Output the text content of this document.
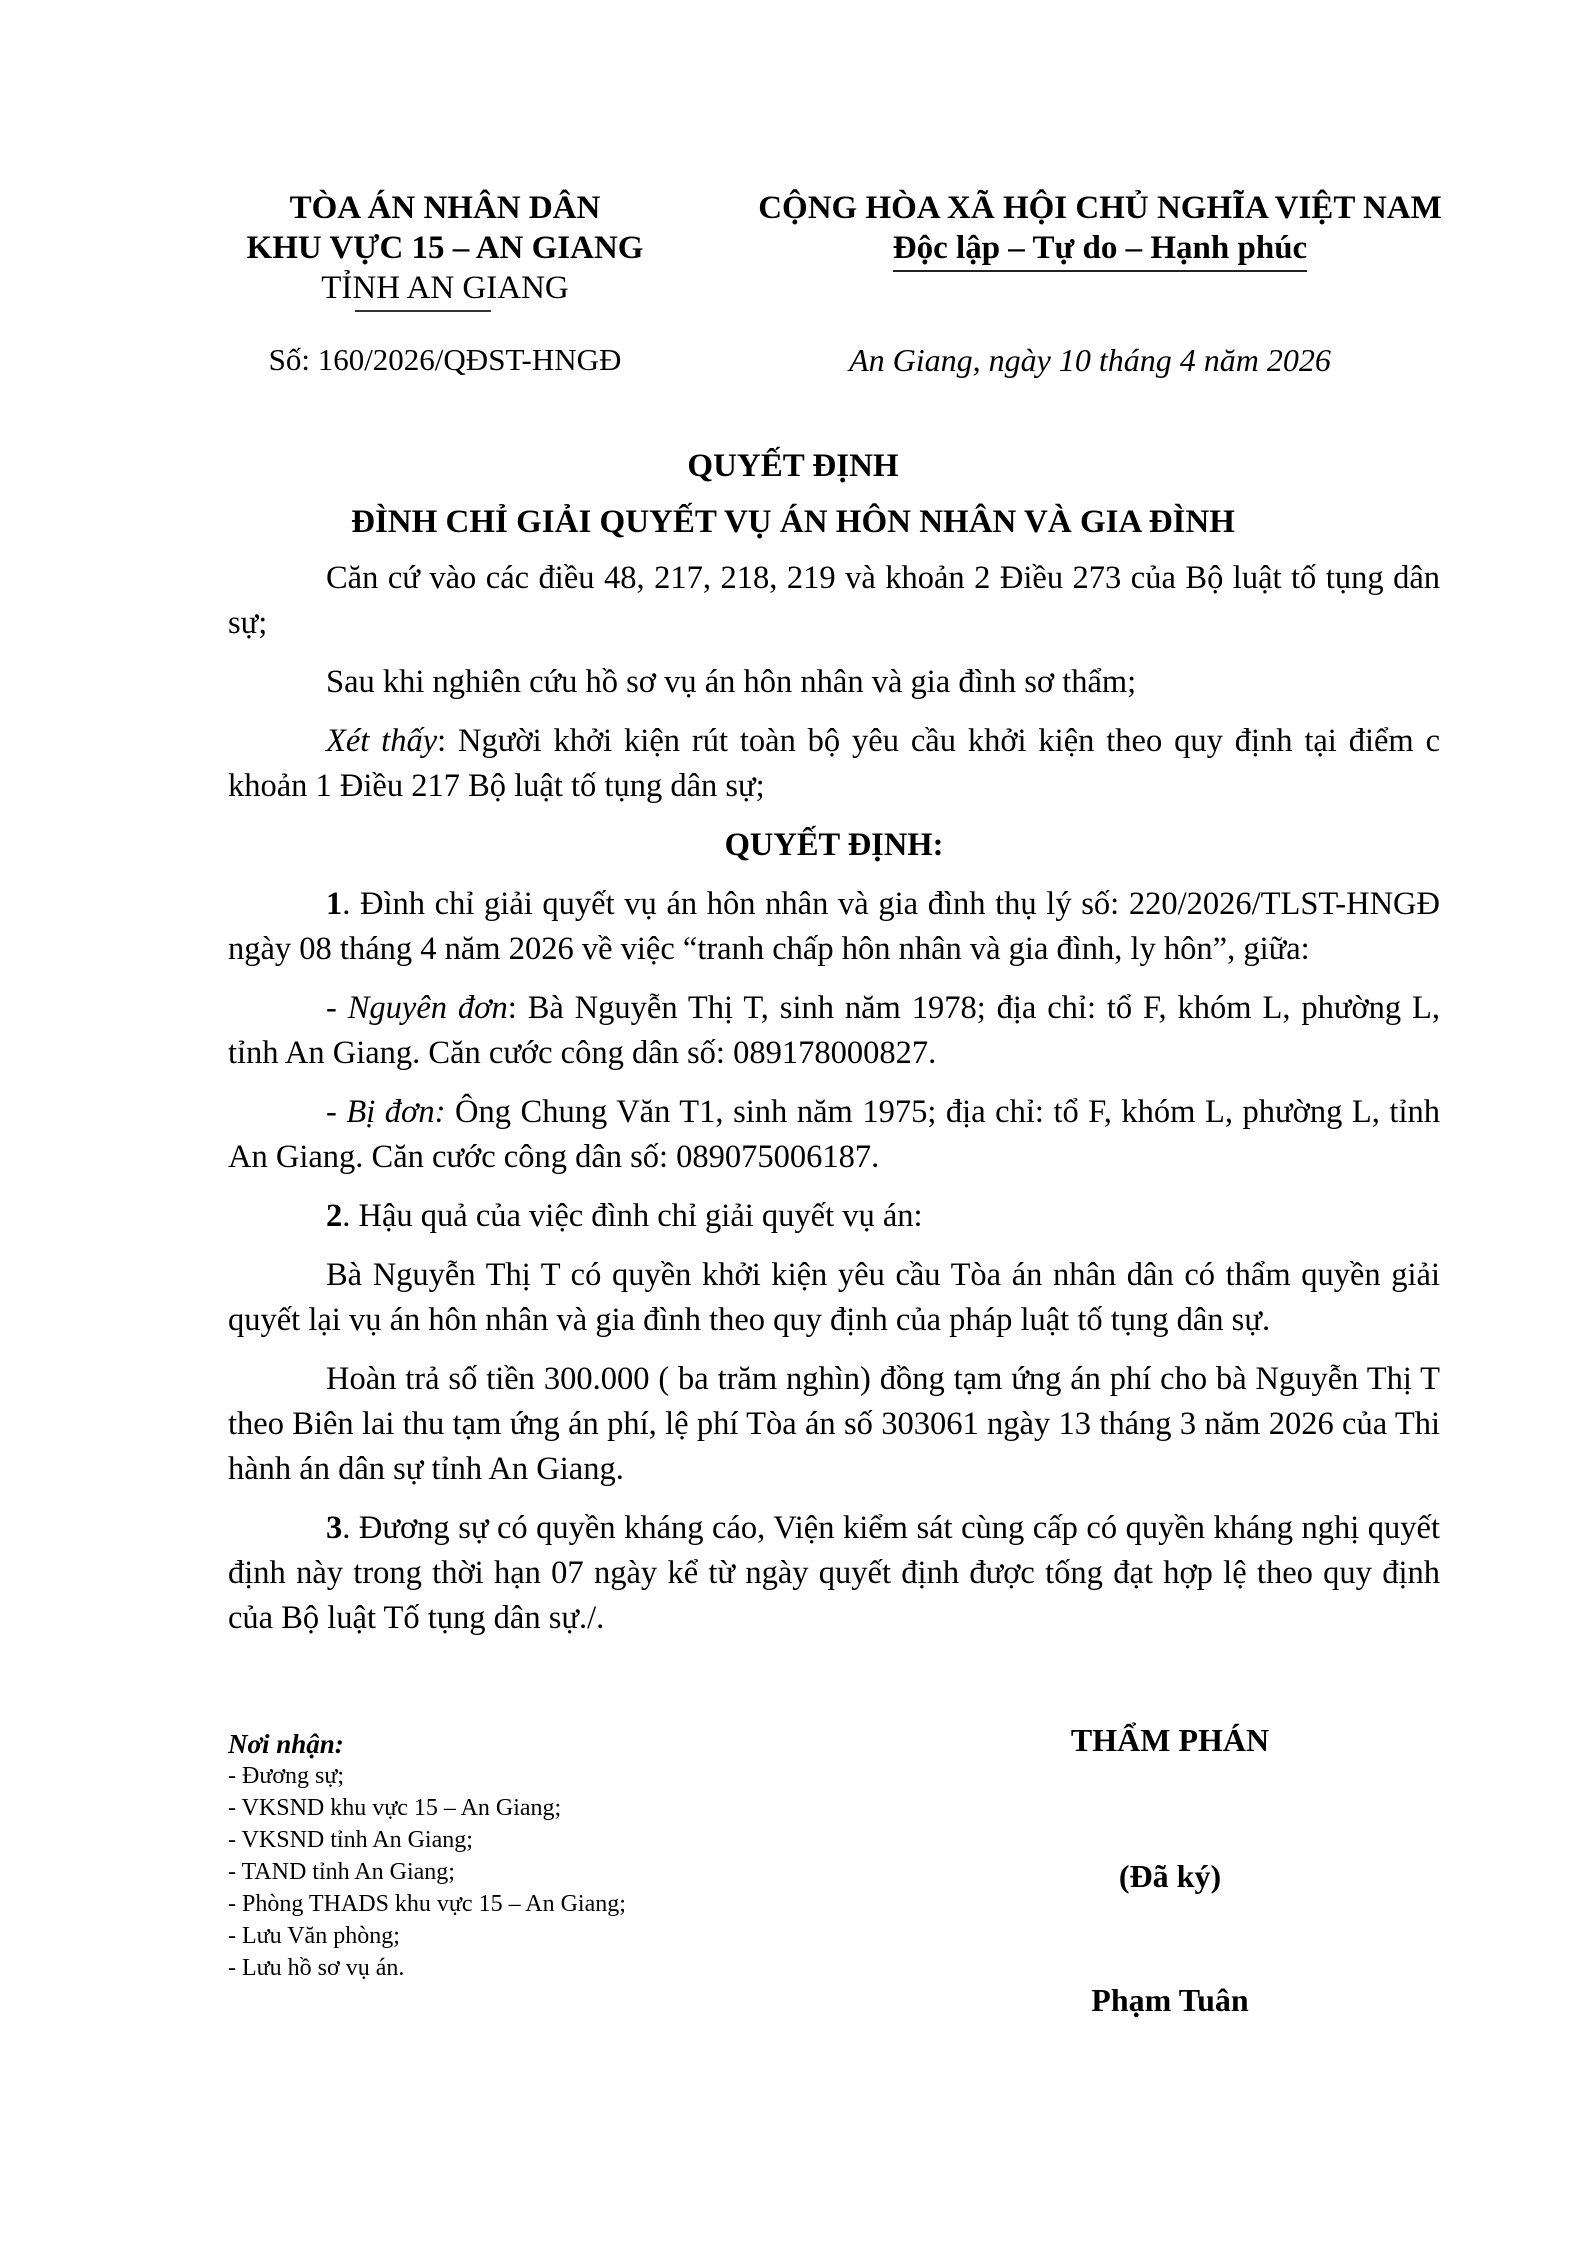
TÒA ÁN NHÂN DÂN
KHU VỰC 15 – AN GIANG
TỈNH AN GIANG
Số: 160/2026/QĐST-HNGĐ
CỘNG HÒA XÃ HỘI CHỦ NGHĨA VIỆT NAM
Độc lập – Tự do – Hạnh phúc
An Giang, ngày 10 tháng 4 năm 2026
QUYẾT ĐỊNH
ĐÌNH CHỈ GIẢI QUYẾT VỤ ÁN HÔN NHÂN VÀ GIA ĐÌNH

Căn cứ vào các điều 48, 217, 218, 219 và khoản 2 Điều 273 của Bộ luật tố tụng dân sự;

Sau khi nghiên cứu hồ sơ vụ án hôn nhân và gia đình sơ thẩm;

Xét thấy: Người khởi kiện rút toàn bộ yêu cầu khởi kiện theo quy định tại điểm c khoản 1 Điều 217 Bộ luật tố tụng dân sự;

QUYẾT ĐỊNH:

1. Đình chỉ giải quyết vụ án hôn nhân và gia đình thụ lý số: 220/2026/TLST-HNGĐ ngày 08 tháng 4 năm 2026 về việc “tranh chấp hôn nhân và gia đình, ly hôn”, giữa:

- Nguyên đơn: Bà Nguyễn Thị T, sinh năm 1978; địa chỉ: tổ F, khóm L, phường L, tỉnh An Giang. Căn cước công dân số: 089178000827.

- Bị đơn: Ông Chung Văn T1, sinh năm 1975; địa chỉ: tổ F, khóm L, phường L, tỉnh An Giang. Căn cước công dân số: 089075006187.

2. Hậu quả của việc đình chỉ giải quyết vụ án:

Bà Nguyễn Thị T có quyền khởi kiện yêu cầu Tòa án nhân dân có thẩm quyền giải quyết lại vụ án hôn nhân và gia đình theo quy định của pháp luật tố tụng dân sự.

Hoàn trả số tiền 300.000 ( ba trăm nghìn) đồng tạm ứng án phí cho bà Nguyễn Thị T theo Biên lai thu tạm ứng án phí, lệ phí Tòa án số 303061 ngày 13 tháng 3 năm 2026 của Thi hành án dân sự tỉnh An Giang.

3. Đương sự có quyền kháng cáo, Viện kiểm sát cùng cấp có quyền kháng nghị quyết định này trong thời hạn 07 ngày kể từ ngày quyết định được tống đạt hợp lệ theo quy định của Bộ luật Tố tụng dân sự./.

Nơi nhận:
- Đương sự;
- VKSND khu vực 15 – An Giang;
- VKSND tỉnh An Giang;
- TAND tỉnh An Giang;
- Phòng THADS khu vực 15 – An Giang;
- Lưu Văn phòng;
- Lưu hồ sơ vụ án.
THẨM PHÁN
(Đã ký)
Phạm Tuân
